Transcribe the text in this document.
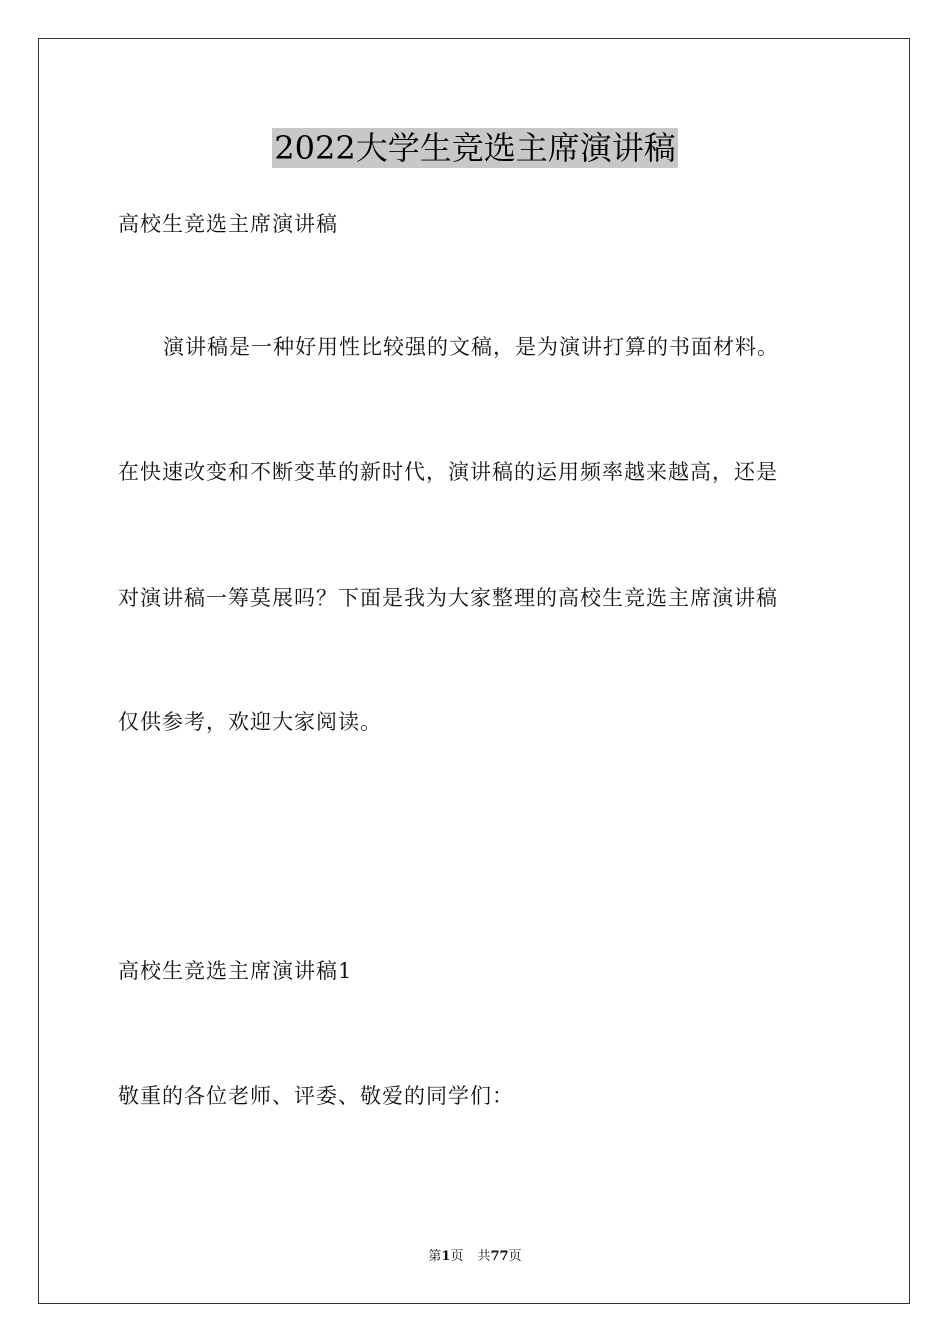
2022大学生竞选主席演讲稿
高校生竞选主席演讲稿
演讲稿是一种好用性比较强的文稿，是为演讲打算的书面材料。
在快速改变和不断变革的新时代，演讲稿的运用频率越来越高，还是
对演讲稿一筹莫展吗？下面是我为大家整理的高校生竞选主席演讲稿
仅供参考，欢迎大家阅读。
高校生竞选主席演讲稿1
敬重的各位老师、评委、敬爱的同学们：
第1页 共77页
